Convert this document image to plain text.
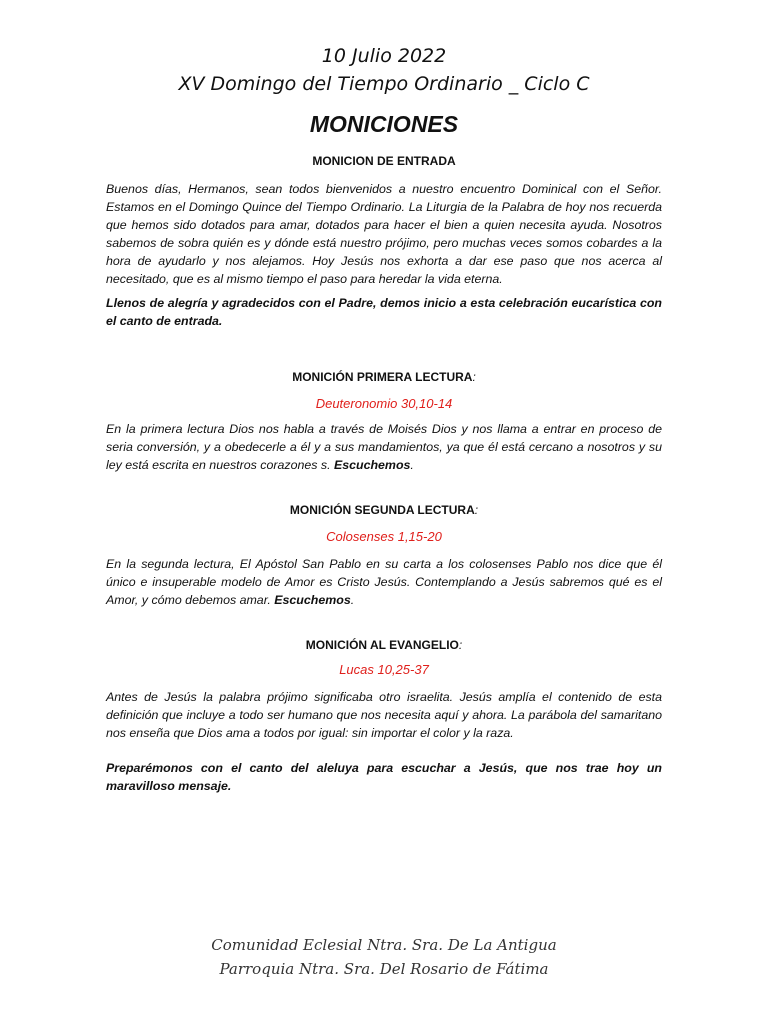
10 Julio 2022
XV Domingo del Tiempo Ordinario _ Ciclo C
MONICIONES
MONICION DE ENTRADA

Buenos días, Hermanos, sean todos bienvenidos a nuestro encuentro Dominical con el Señor. Estamos en el Domingo Quince del Tiempo Ordinario. La Liturgia de la Palabra de hoy nos recuerda que hemos sido dotados para amar, dotados para hacer el bien a quien necesita ayuda. Nosotros sabemos de sobra quién es y dónde está nuestro prójimo, pero muchas veces somos cobardes a la hora de ayudarlo y nos alejamos. Hoy Jesús nos exhorta a dar ese paso que nos acerca al necesitado, que es al mismo tiempo el paso para heredar la vida eterna.

Llenos de alegría y agradecidos con el Padre, demos inicio a esta celebración eucarística con el canto de entrada.

MONICIÓN PRIMERA LECTURA:
Deuteronomio 30,10-14

En la primera lectura Dios nos habla a través de Moisés Dios y nos llama a entrar en proceso de seria conversión, y a obedecerle a él y a sus mandamientos, ya que él está cercano a nosotros y su ley está escrita en nuestros corazones s. Escuchemos.

MONICIÓN SEGUNDA LECTURA:
Colosenses 1,15-20

En la segunda lectura, El Apóstol San Pablo en su carta a los colosenses Pablo nos dice que él único e insuperable modelo de Amor es Cristo Jesús. Contemplando a Jesús sabremos qué es el Amor, y cómo debemos amar. Escuchemos.

MONICIÓN AL EVANGELIO:
Lucas 10,25-37

Antes de Jesús la palabra prójimo significaba otro israelita. Jesús amplía el contenido de esta definición que incluye a todo ser humano que nos necesita aquí y ahora. La parábola del samaritano nos enseña que Dios ama a todos por igual: sin importar el color y la raza.

Preparémonos con el canto del aleluya para escuchar a Jesús, que nos trae hoy un maravilloso mensaje.

Comunidad Eclesial Ntra. Sra. De La Antigua
Parroquia Ntra. Sra. Del Rosario de Fátima
